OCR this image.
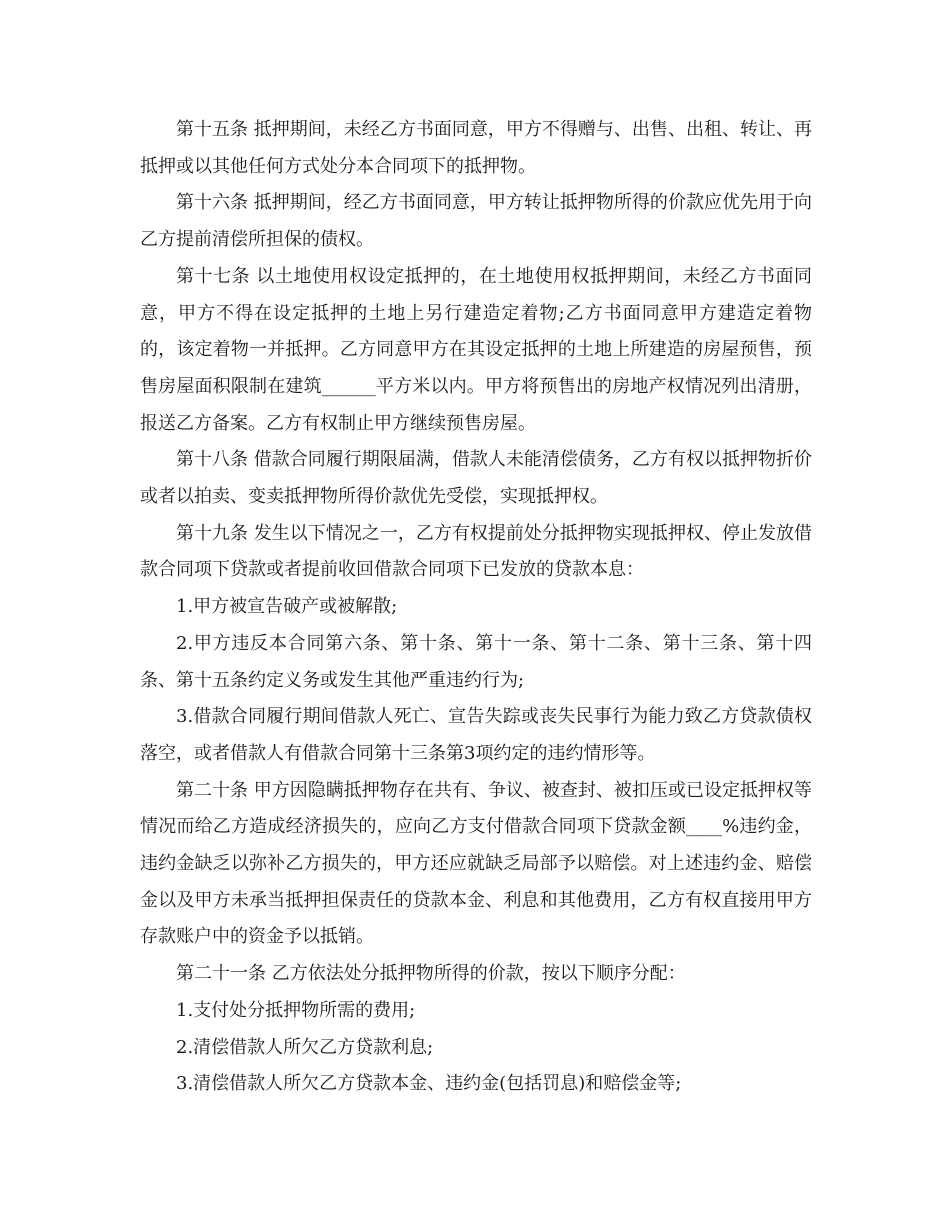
第十五条 抵押期间，未经乙方书面同意，甲方不得赠与、出售、出租、转让、再抵押或以其他任何方式处分本合同项下的抵押物。

第十六条 抵押期间，经乙方书面同意，甲方转让抵押物所得的价款应优先用于向乙方提前清偿所担保的债权。

第十七条 以土地使用权设定抵押的，在土地使用权抵押期间，未经乙方书面同意，甲方不得在设定抵押的土地上另行建造定着物;乙方书面同意甲方建造定着物的，该定着物一并抵押。乙方同意甲方在其设定抵押的土地上所建造的房屋预售，预售房屋面积限制在建筑______平方米以内。甲方将预售出的房地产权情况列出清册，报送乙方备案。乙方有权制止甲方继续预售房屋。

第十八条 借款合同履行期限届满，借款人未能清偿债务，乙方有权以抵押物折价或者以拍卖、变卖抵押物所得价款优先受偿，实现抵押权。

第十九条 发生以下情况之一，乙方有权提前处分抵押物实现抵押权、停止发放借款合同项下贷款或者提前收回借款合同项下已发放的贷款本息：

1.甲方被宣告破产或被解散;

2.甲方违反本合同第六条、第十条、第十一条、第十二条、第十三条、第十四条、第十五条约定义务或发生其他严重违约行为;

3.借款合同履行期间借款人死亡、宣告失踪或丧失民事行为能力致乙方贷款债权落空，或者借款人有借款合同第十三条第3项约定的违约情形等。

第二十条 甲方因隐瞒抵押物存在共有、争议、被查封、被扣压或已设定抵押权等情况而给乙方造成经济损失的，应向乙方支付借款合同项下贷款金额____%违约金，违约金缺乏以弥补乙方损失的，甲方还应就缺乏局部予以赔偿。对上述违约金、赔偿金以及甲方未承当抵押担保责任的贷款本金、利息和其他费用，乙方有权直接用甲方存款账户中的资金予以抵销。

第二十一条 乙方依法处分抵押物所得的价款，按以下顺序分配：

1.支付处分抵押物所需的费用;

2.清偿借款人所欠乙方贷款利息;

3.清偿借款人所欠乙方贷款本金、违约金(包括罚息)和赔偿金等;
